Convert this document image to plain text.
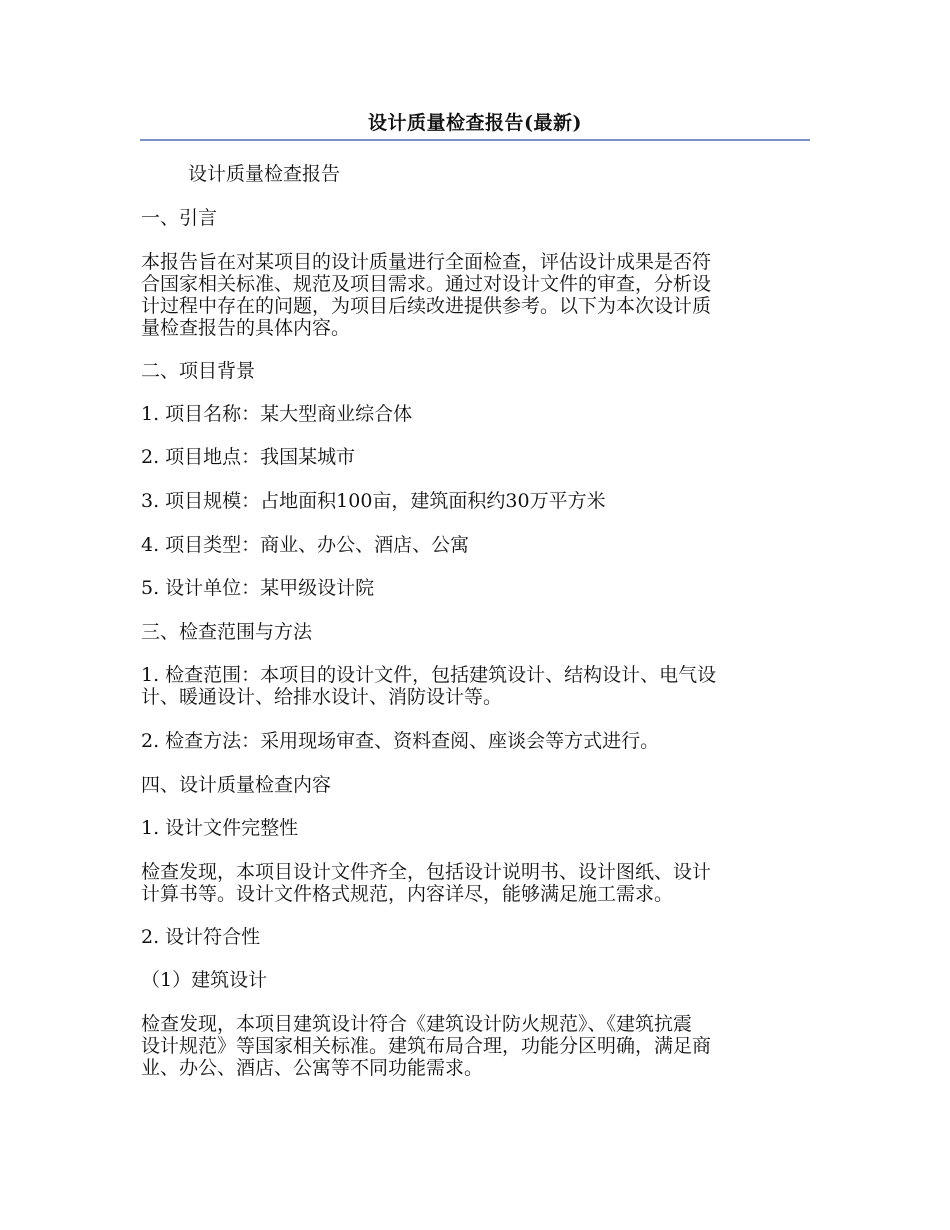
设计质量检查报告(最新)

设计质量检查报告

一、引言

本报告旨在对某项目的设计质量进行全面检查，评估设计成果是否符

合国家相关标准、规范及项目需求。通过对设计文件的审查，分析设

计过程中存在的问题，为项目后续改进提供参考。以下为本次设计质

量检查报告的具体内容。

二、项目背景

1. 项目名称：某大型商业综合体

2. 项目地点：我国某城市

3. 项目规模：占地面积100亩，建筑面积约30万平方米

4. 项目类型：商业、办公、酒店、公寓

5. 设计单位：某甲级设计院

三、检查范围与方法

1. 检查范围：本项目的设计文件，包括建筑设计、结构设计、电气设

计、暖通设计、给排水设计、消防设计等。

2. 检查方法：采用现场审查、资料查阅、座谈会等方式进行。

四、设计质量检查内容

1. 设计文件完整性

检查发现，本项目设计文件齐全，包括设计说明书、设计图纸、设计

计算书等。设计文件格式规范，内容详尽，能够满足施工需求。

2. 设计符合性

（1）建筑设计

检查发现，本项目建筑设计符合《建筑设计防火规范》、《建筑抗震

设计规范》等国家相关标准。建筑布局合理，功能分区明确，满足商

业、办公、酒店、公寓等不同功能需求。
